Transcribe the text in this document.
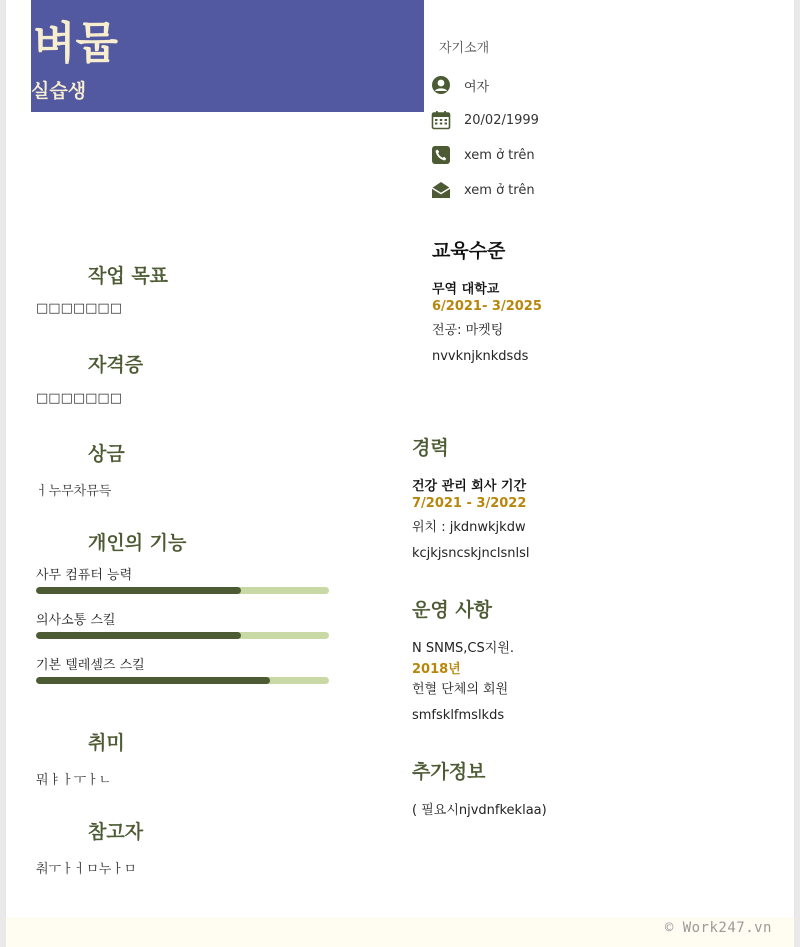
벼뭅
실습생
자기소개
여자
20/02/1999
xem ở trên
xem ở trên
작업 목표
□□□□□□□
자격증
□□□□□□□
상금
ㅓ누무차뮤득
개인의 기능
사무 컴퓨터 능력
의사소통 스킬
기본 텔레셀즈 스킬
취미
뭐ㅑㅏㅜㅏㄴ
참고자
춰ㅜㅏㅓㅁ누ㅏㅁ
교육수준
무역 대학교
6/2021- 3/2025
전공: 마켓팅
nvvknjknkdsds
경력
건강 관리 회사 기간
7/2021 - 3/2022
위치 : jkdnwkjkdw
kcjkjsncskjnclsnlsl
운영 사항
N SNMS,CS지원.
2018년
헌혈 단체의 회원
smfsklfmslkds
추가정보
( 필요시njvdnfkeklaa)
© Work247.vn
